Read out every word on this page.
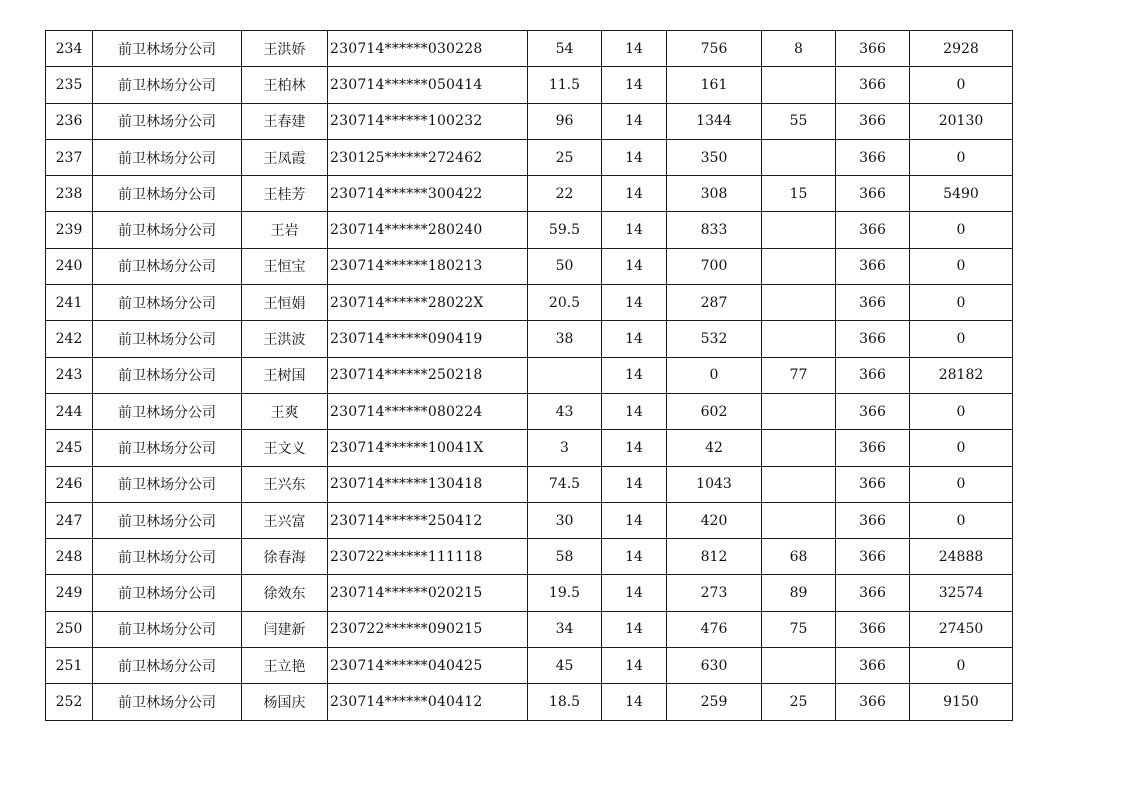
234	前卫林场分公司	王洪娇	230714******030228	54	14	756	8	366	2928
235	前卫林场分公司	王柏林	230714******050414	11.5	14	161		366	0
236	前卫林场分公司	王春建	230714******100232	96	14	1344	55	366	20130
237	前卫林场分公司	王凤霞	230125******272462	25	14	350		366	0
238	前卫林场分公司	王桂芳	230714******300422	22	14	308	15	366	5490
239	前卫林场分公司	王岩	230714******280240	59.5	14	833		366	0
240	前卫林场分公司	王恒宝	230714******180213	50	14	700		366	0
241	前卫林场分公司	王恒娟	230714******28022X	20.5	14	287		366	0
242	前卫林场分公司	王洪波	230714******090419	38	14	532		366	0
243	前卫林场分公司	王树国	230714******250218		14	0	77	366	28182
244	前卫林场分公司	王爽	230714******080224	43	14	602		366	0
245	前卫林场分公司	王文义	230714******10041X	3	14	42		366	0
246	前卫林场分公司	王兴东	230714******130418	74.5	14	1043		366	0
247	前卫林场分公司	王兴富	230714******250412	30	14	420		366	0
248	前卫林场分公司	徐春海	230722******111118	58	14	812	68	366	24888
249	前卫林场分公司	徐效东	230714******020215	19.5	14	273	89	366	32574
250	前卫林场分公司	闫建新	230722******090215	34	14	476	75	366	27450
251	前卫林场分公司	王立艳	230714******040425	45	14	630		366	0
252	前卫林场分公司	杨国庆	230714******040412	18.5	14	259	25	366	9150
